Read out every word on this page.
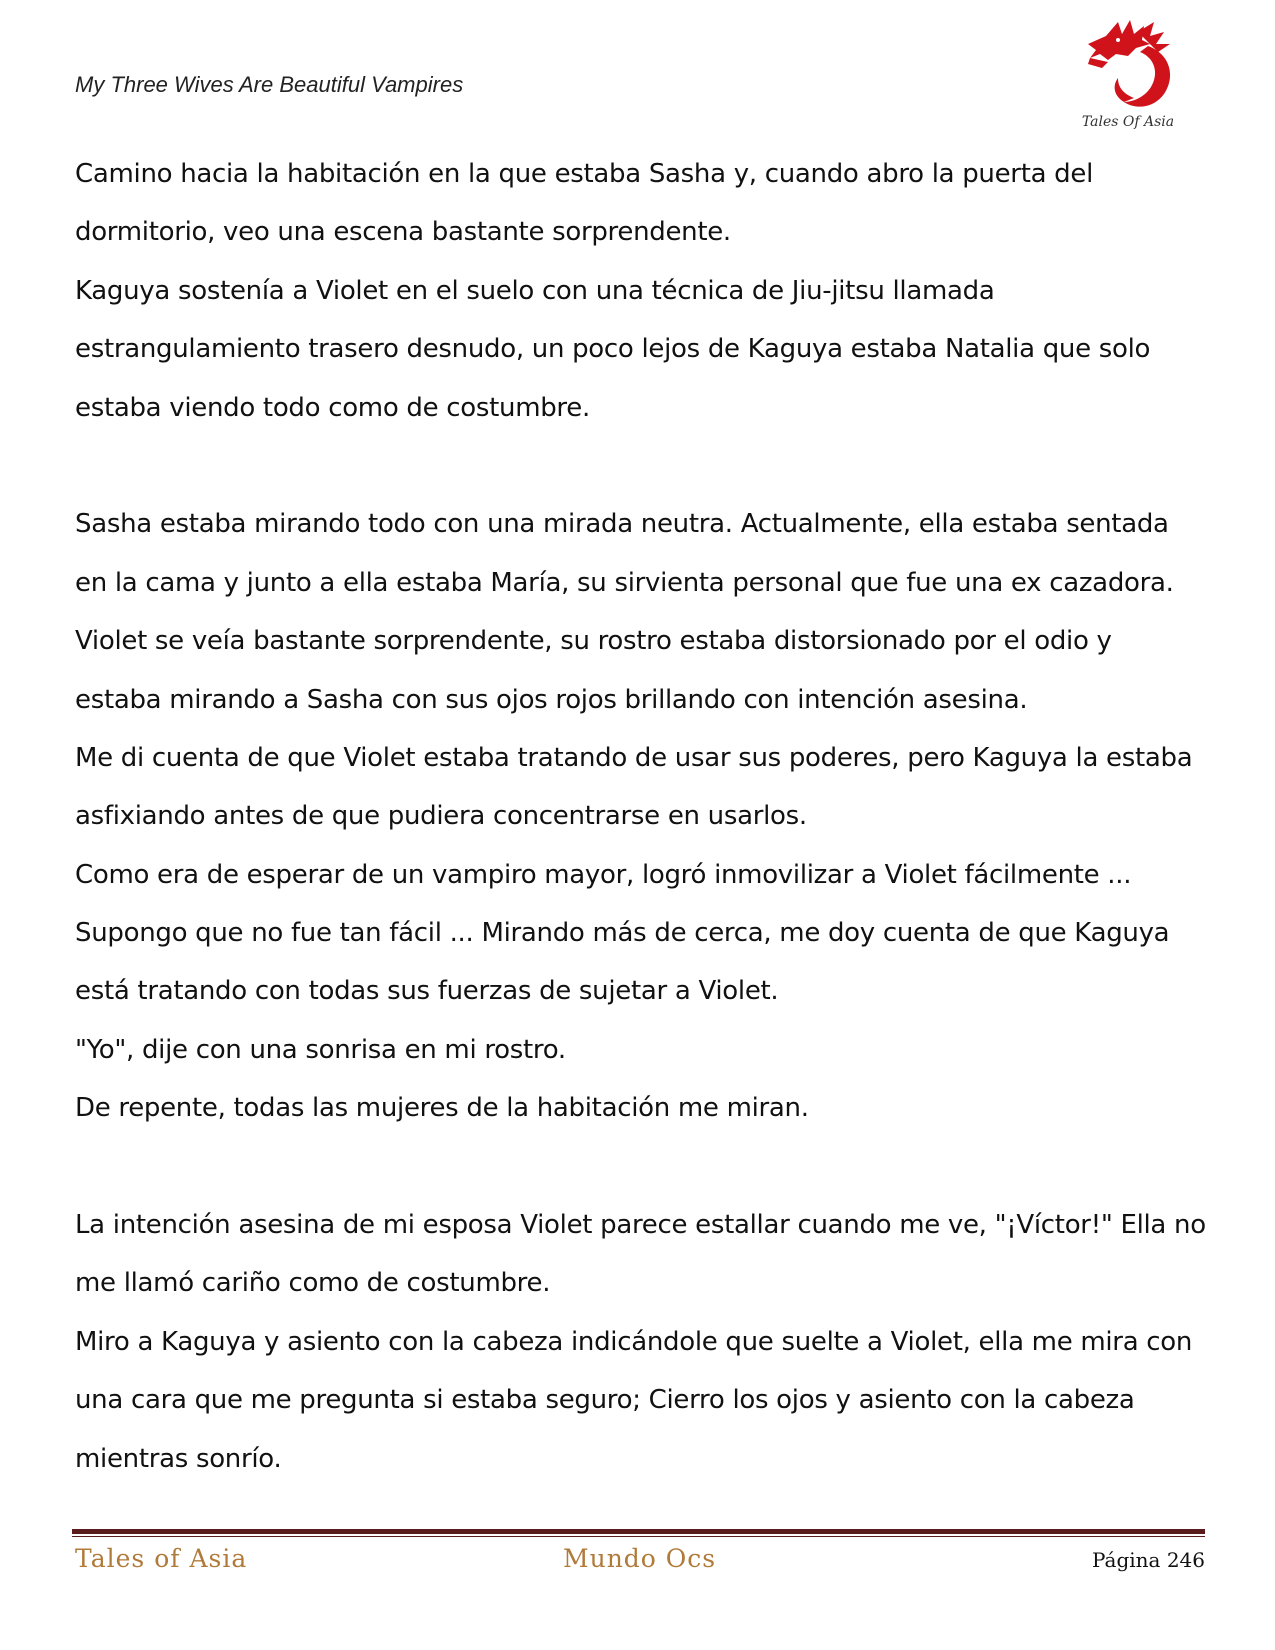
My Three Wives Are Beautiful Vampires
Tales Of Asia
Camino hacia la habitación en la que estaba Sasha y, cuando abro la puerta del
dormitorio, veo una escena bastante sorprendente.
Kaguya sostenía a Violet en el suelo con una técnica de Jiu-jitsu llamada
estrangulamiento trasero desnudo, un poco lejos de Kaguya estaba Natalia que solo
estaba viendo todo como de costumbre.
Sasha estaba mirando todo con una mirada neutra. Actualmente, ella estaba sentada
en la cama y junto a ella estaba María, su sirvienta personal que fue una ex cazadora.
Violet se veía bastante sorprendente, su rostro estaba distorsionado por el odio y
estaba mirando a Sasha con sus ojos rojos brillando con intención asesina.
Me di cuenta de que Violet estaba tratando de usar sus poderes, pero Kaguya la estaba
asfixiando antes de que pudiera concentrarse en usarlos.
Como era de esperar de un vampiro mayor, logró inmovilizar a Violet fácilmente ...
Supongo que no fue tan fácil ... Mirando más de cerca, me doy cuenta de que Kaguya
está tratando con todas sus fuerzas de sujetar a Violet.
"Yo", dije con una sonrisa en mi rostro.
De repente, todas las mujeres de la habitación me miran.
La intención asesina de mi esposa Violet parece estallar cuando me ve, "¡Víctor!" Ella no
me llamó cariño como de costumbre.
Miro a Kaguya y asiento con la cabeza indicándole que suelte a Violet, ella me mira con
una cara que me pregunta si estaba seguro; Cierro los ojos y asiento con la cabeza
mientras sonrío.
Tales of Asia	Mundo Ocs	Página 246
